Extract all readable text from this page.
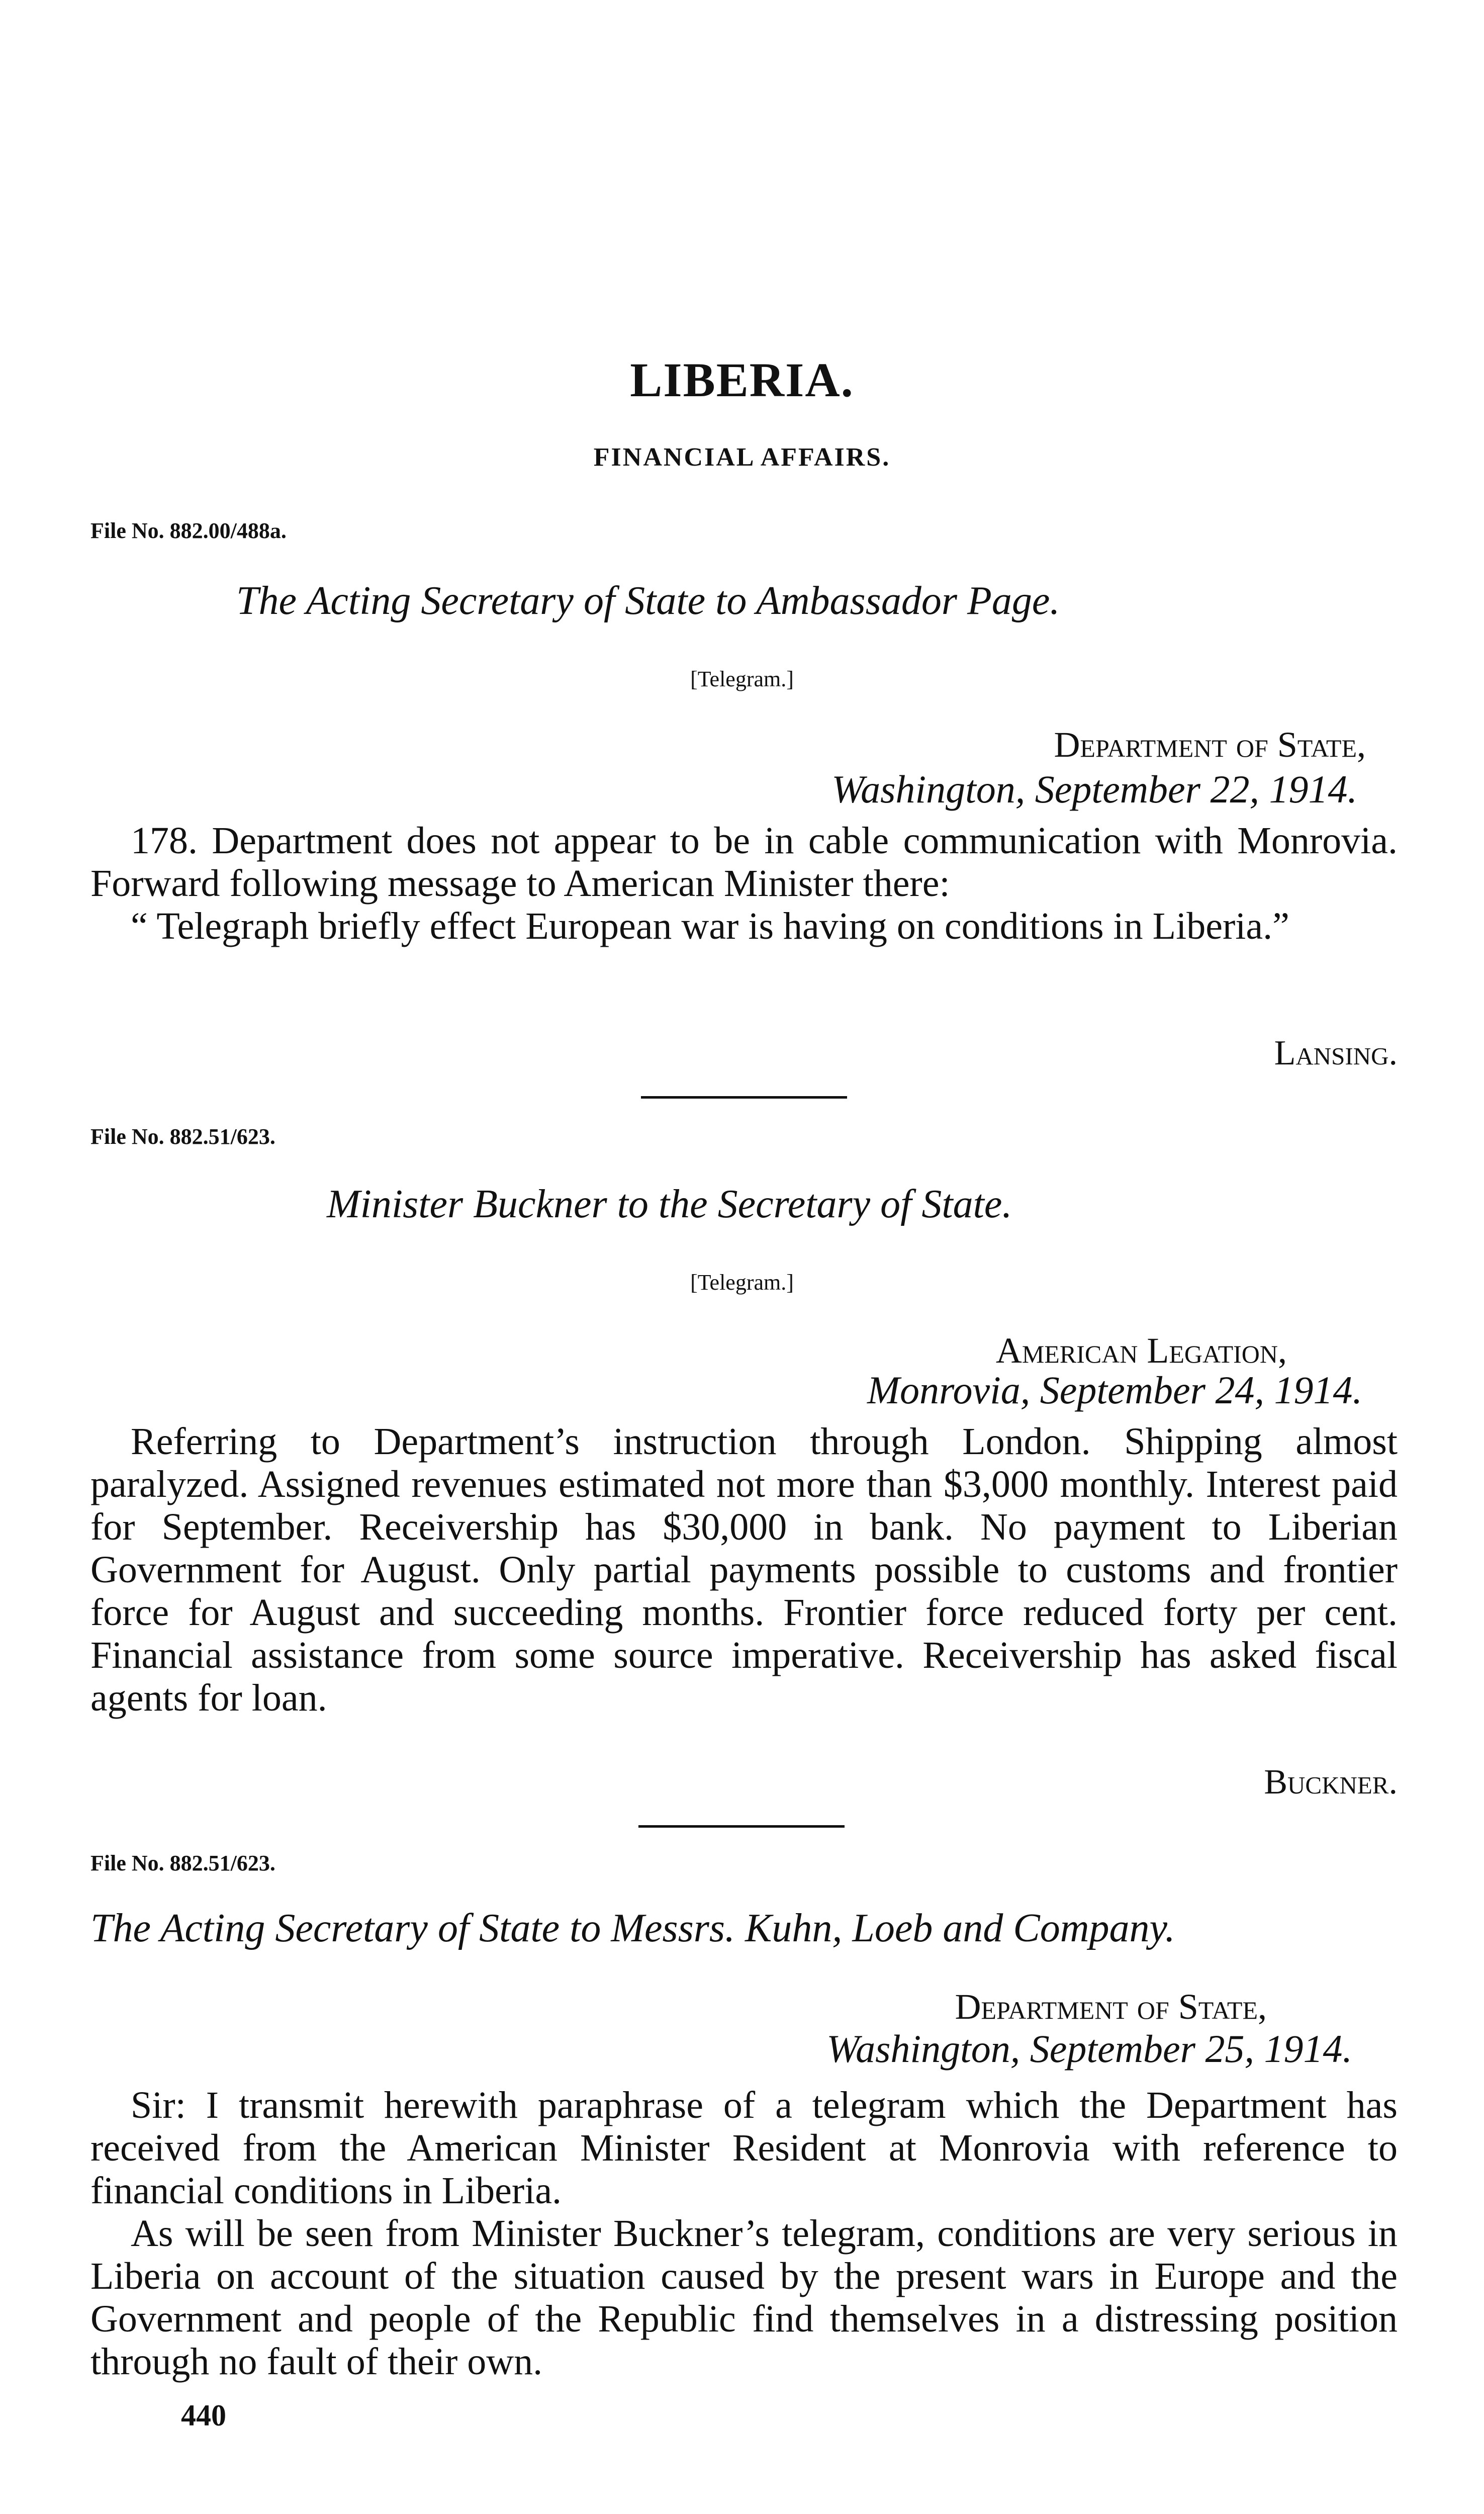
LIBERIA.
FINANCIAL AFFAIRS.
File No. 882.00/488a.
The Acting Secretary of State to Ambassador Page.
[Telegram.]
Department of State,
Washington, September 22, 1914.

178. Department does not appear to be in cable communication with Monrovia. Forward following message to American Minister there:

“ Telegraph briefly effect European war is having on conditions in Liberia.”

Lansing.
File No. 882.51/623.
Minister Buckner to the Secretary of State.
[Telegram.]
American Legation,
Monrovia, September 24, 1914.

Referring to Department’s instruction through London. Shipping almost paralyzed. Assigned revenues estimated not more than $3,000 monthly. Interest paid for September. Receivership has $30,000 in bank. No payment to Liberian Government for August. Only partial payments possible to customs and frontier force for August and succeeding months. Frontier force reduced forty per cent. Financial assistance from some source imperative. Receivership has asked fiscal agents for loan.

Buckner.
File No. 882.51/623.
The Acting Secretary of State to Messrs. Kuhn, Loeb and Company.
Department of State,
Washington, September 25, 1914.

Sir: I transmit herewith paraphrase of a telegram which the Department has received from the American Minister Resident at Monrovia with reference to financial conditions in Liberia.

As will be seen from Minister Buckner’s telegram, conditions are very serious in Liberia on account of the situation caused by the present wars in Europe and the Government and people of the Republic find themselves in a distressing position through no fault of their own.

440
